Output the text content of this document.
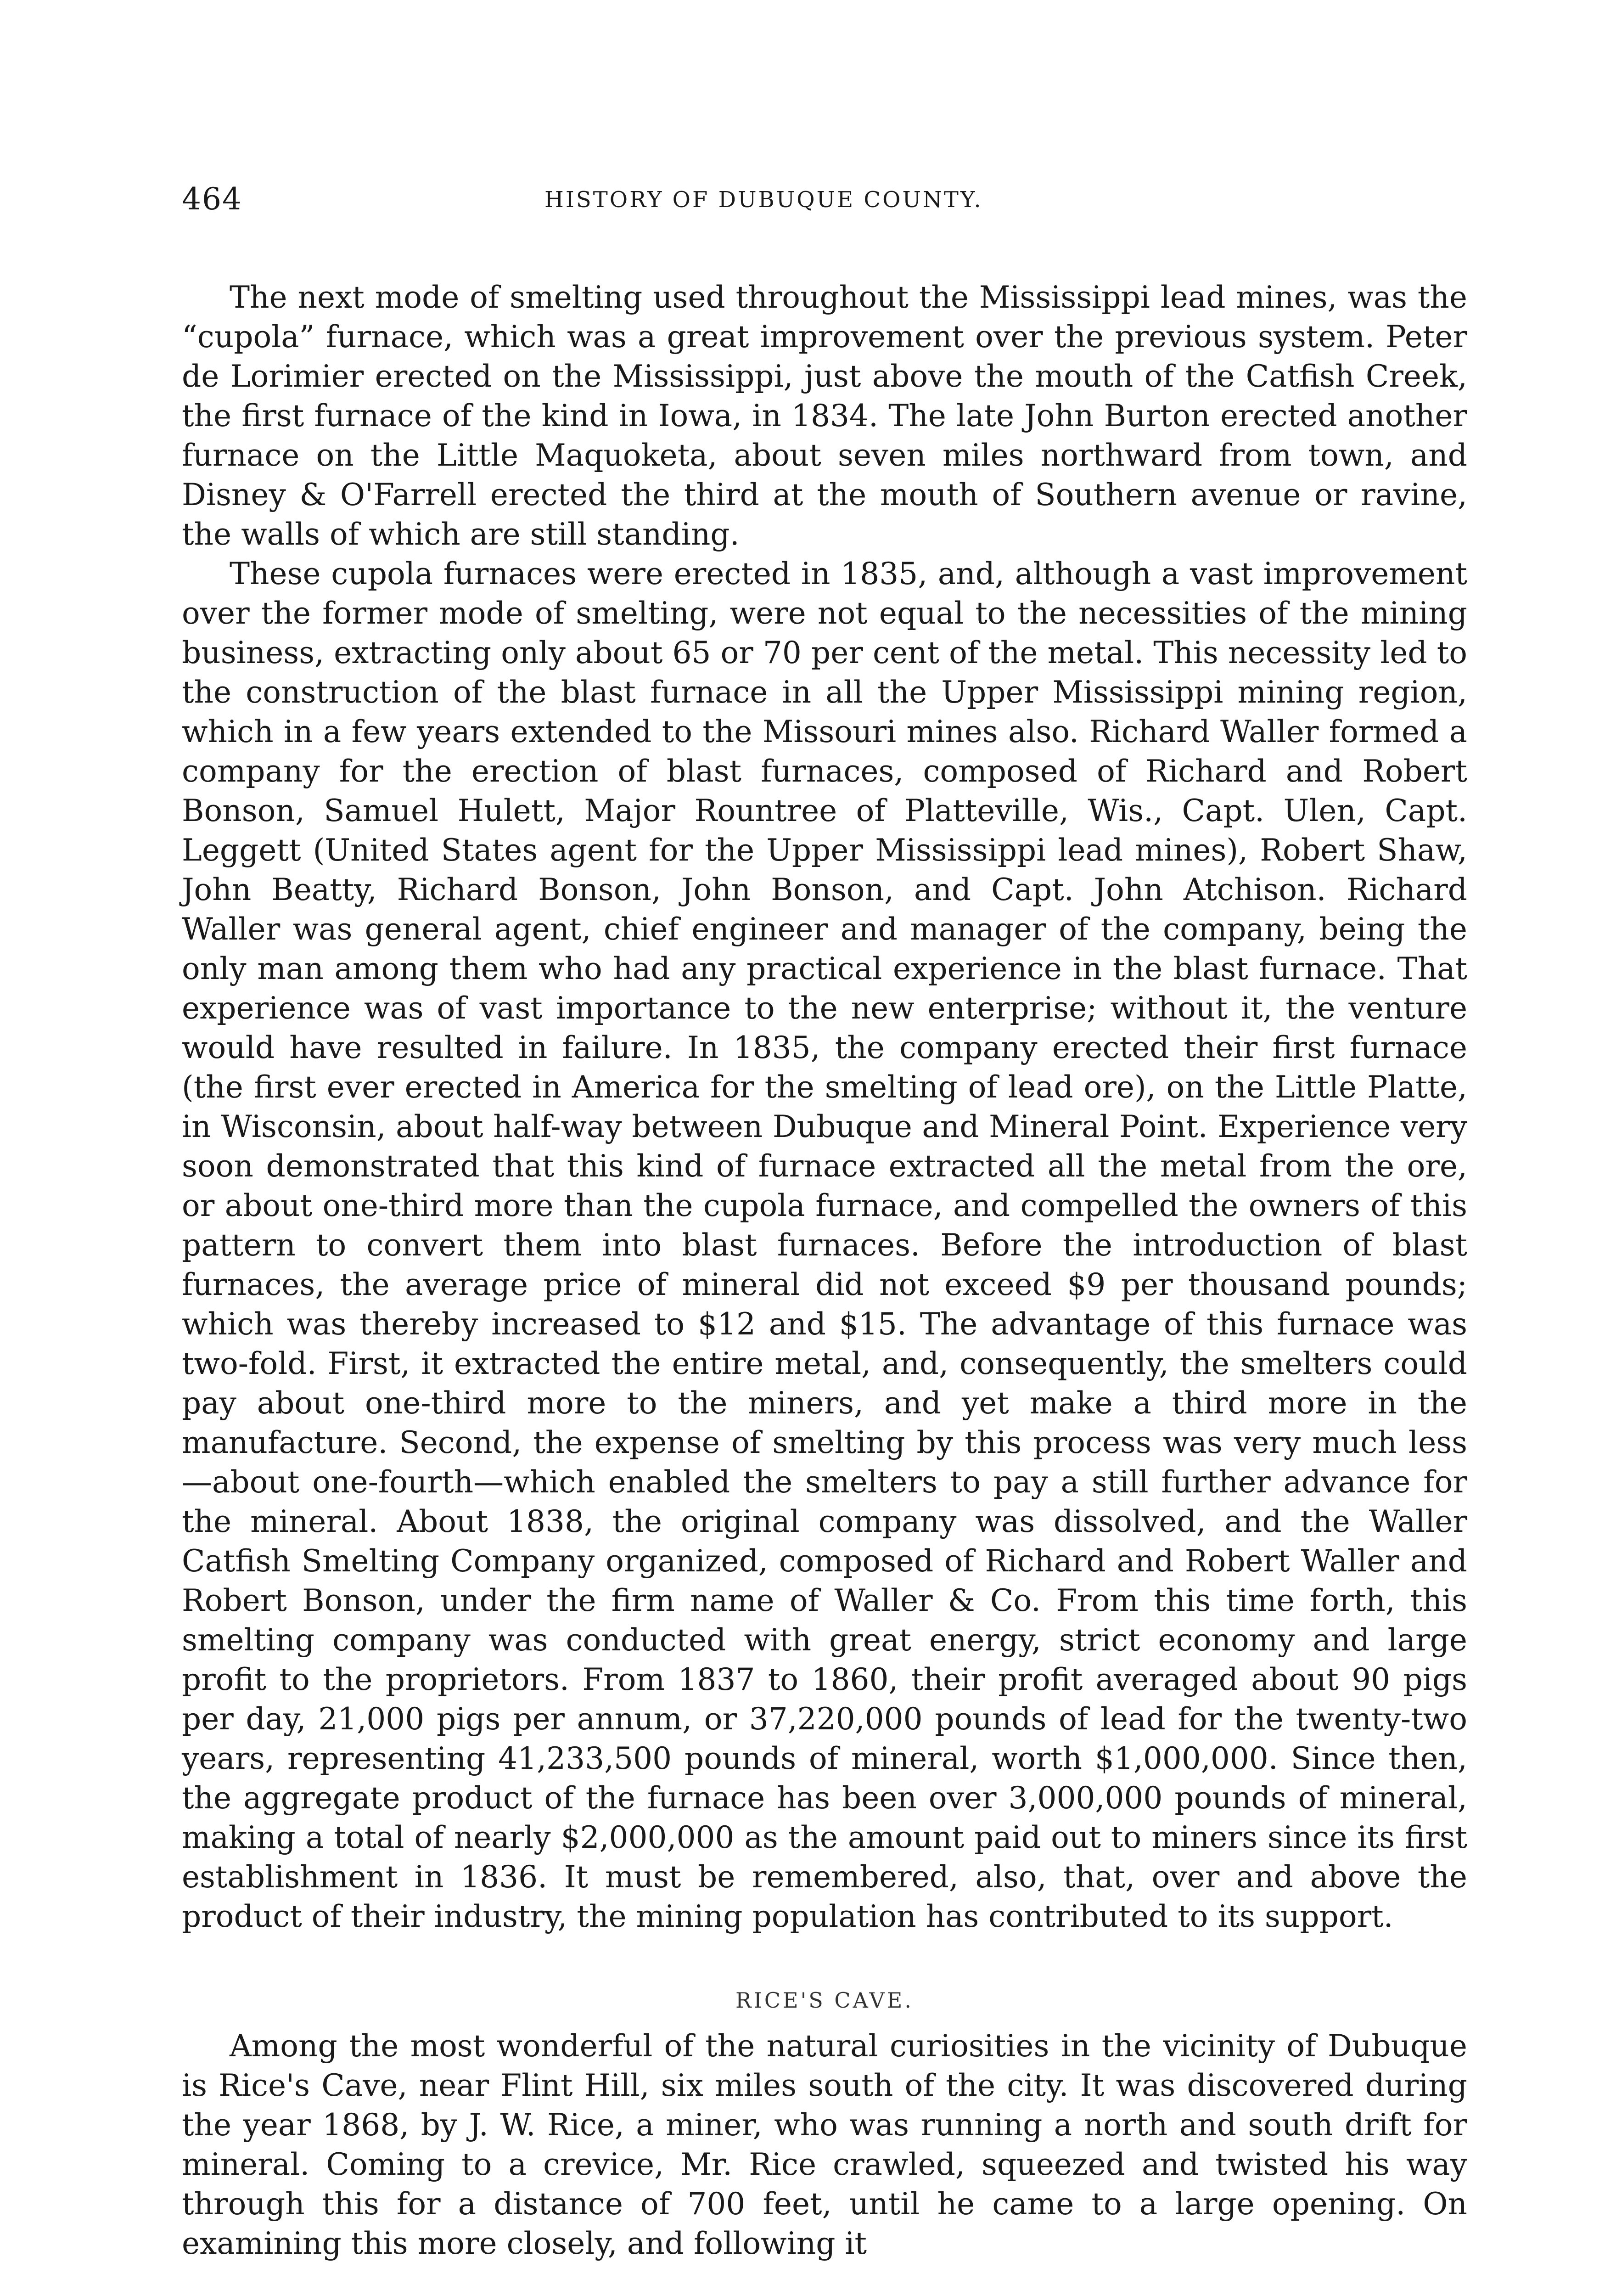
464	HISTORY OF DUBUQUE COUNTY.

The next mode of smelting used throughout the Mississippi lead mines, was the “cupola” furnace, which was a great improvement over the previous system. Peter de Lorimier erected on the Mississippi, just above the mouth of the Catfish Creek, the first furnace of the kind in Iowa, in 1834. The late John Burton erected another furnace on the Little Maquoketa, about seven miles northward from town, and Disney & O'Farrell erected the third at the mouth of Southern avenue or ravine, the walls of which are still standing.

These cupola furnaces were erected in 1835, and, although a vast improvement over the former mode of smelting, were not equal to the necessities of the mining business, extracting only about 65 or 70 per cent of the metal. This necessity led to the construction of the blast furnace in all the Upper Mississippi mining region, which in a few years extended to the Missouri mines also. Richard Waller formed a company for the erection of blast furnaces, composed of Richard and Robert Bonson, Samuel Hulett, Major Rountree of Platteville, Wis., Capt. Ulen, Capt. Leggett (United States agent for the Upper Mississippi lead mines), Robert Shaw, John Beatty, Richard Bonson, John Bonson, and Capt. John Atchison. Richard Waller was general agent, chief engineer and manager of the company, being the only man among them who had any practical experience in the blast furnace. That experience was of vast importance to the new enterprise; without it, the venture would have resulted in failure. In 1835, the company erected their first furnace (the first ever erected in America for the smelting of lead ore), on the Little Platte, in Wisconsin, about half-way between Dubuque and Mineral Point. Experience very soon demonstrated that this kind of furnace extracted all the metal from the ore, or about one-third more than the cupola furnace, and compelled the owners of this pattern to convert them into blast furnaces. Before the introduction of blast furnaces, the average price of mineral did not exceed $9 per thousand pounds; which was thereby increased to $12 and $15. The advantage of this furnace was two-fold. First, it extracted the entire metal, and, consequently, the smelters could pay about one-third more to the miners, and yet make a third more in the manufacture. Second, the expense of smelting by this process was very much less—about one-fourth—which enabled the smelters to pay a still further advance for the mineral. About 1838, the original company was dissolved, and the Waller Catfish Smelting Company organized, composed of Richard and Robert Waller and Robert Bonson, under the firm name of Waller & Co. From this time forth, this smelting company was conducted with great energy, strict economy and large profit to the proprietors. From 1837 to 1860, their profit averaged about 90 pigs per day, 21,000 pigs per annum, or 37,220,000 pounds of lead for the twenty-two years, representing 41,233,500 pounds of mineral, worth $1,000,000. Since then, the aggregate product of the furnace has been over 3,000,000 pounds of mineral, making a total of nearly $2,000,000 as the amount paid out to miners since its first establishment in 1836. It must be remembered, also, that, over and above the product of their industry, the mining population has contributed to its support.

RICE'S CAVE.

Among the most wonderful of the natural curiosities in the vicinity of Dubuque is Rice's Cave, near Flint Hill, six miles south of the city. It was discovered during the year 1868, by J. W. Rice, a miner, who was running a north and south drift for mineral. Coming to a crevice, Mr. Rice crawled, squeezed and twisted his way through this for a distance of 700 feet, until he came to a large opening. On examining this more closely, and following it
